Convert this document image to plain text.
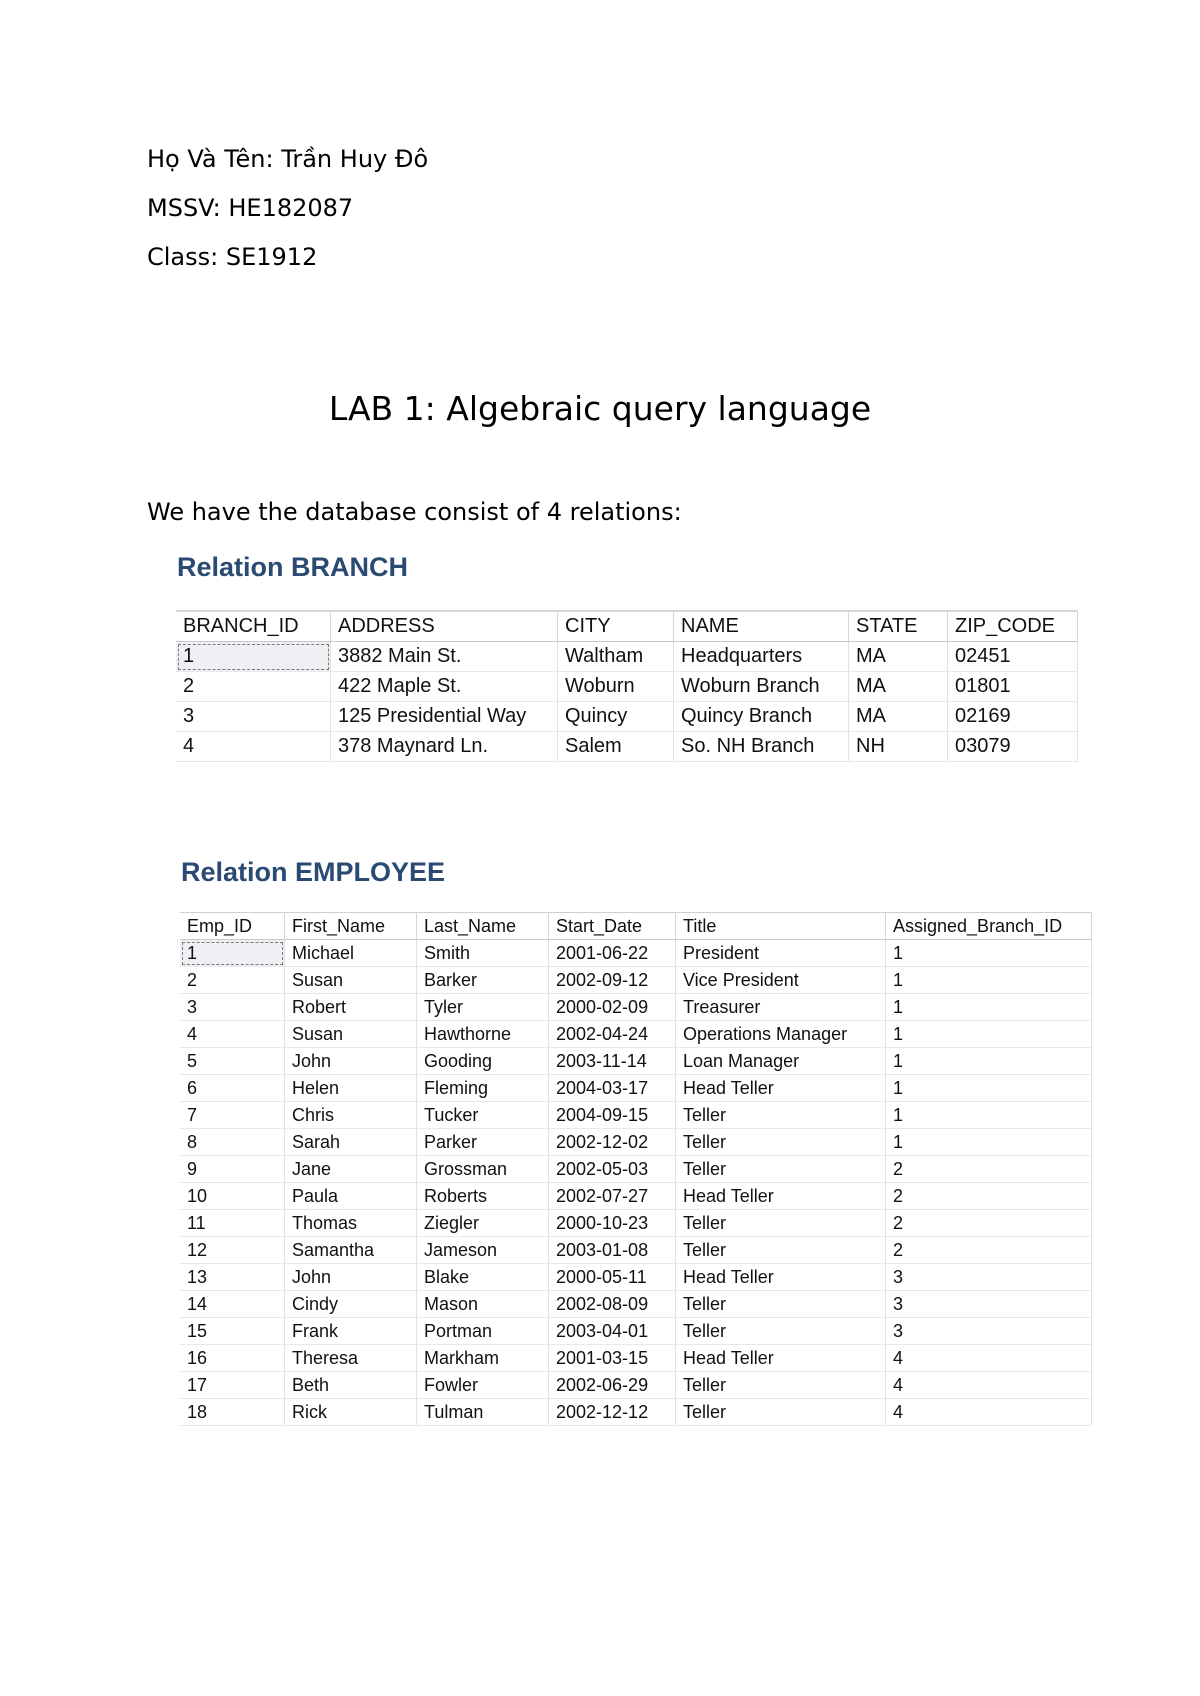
Họ Và Tên: Trần Huy Đô
MSSV: HE182087
Class: SE1912
LAB 1: Algebraic query language
We have the database consist of 4 relations:
Relation BRANCH
BRANCH_ID	ADDRESS	CITY	NAME	STATE	ZIP_CODE
1	3882 Main St.	Waltham	Headquarters	MA	02451
2	422 Maple St.	Woburn	Woburn Branch	MA	01801
3	125 Presidential Way	Quincy	Quincy Branch	MA	02169
4	378 Maynard Ln.	Salem	So. NH Branch	NH	03079
Relation EMPLOYEE
Emp_ID	First_Name	Last_Name	Start_Date	Title	Assigned_Branch_ID
1	Michael	Smith	2001-06-22	President	1
2	Susan	Barker	2002-09-12	Vice President	1
3	Robert	Tyler	2000-02-09	Treasurer	1
4	Susan	Hawthorne	2002-04-24	Operations Manager	1
5	John	Gooding	2003-11-14	Loan Manager	1
6	Helen	Fleming	2004-03-17	Head Teller	1
7	Chris	Tucker	2004-09-15	Teller	1
8	Sarah	Parker	2002-12-02	Teller	1
9	Jane	Grossman	2002-05-03	Teller	2
10	Paula	Roberts	2002-07-27	Head Teller	2
11	Thomas	Ziegler	2000-10-23	Teller	2
12	Samantha	Jameson	2003-01-08	Teller	2
13	John	Blake	2000-05-11	Head Teller	3
14	Cindy	Mason	2002-08-09	Teller	3
15	Frank	Portman	2003-04-01	Teller	3
16	Theresa	Markham	2001-03-15	Head Teller	4
17	Beth	Fowler	2002-06-29	Teller	4
18	Rick	Tulman	2002-12-12	Teller	4
